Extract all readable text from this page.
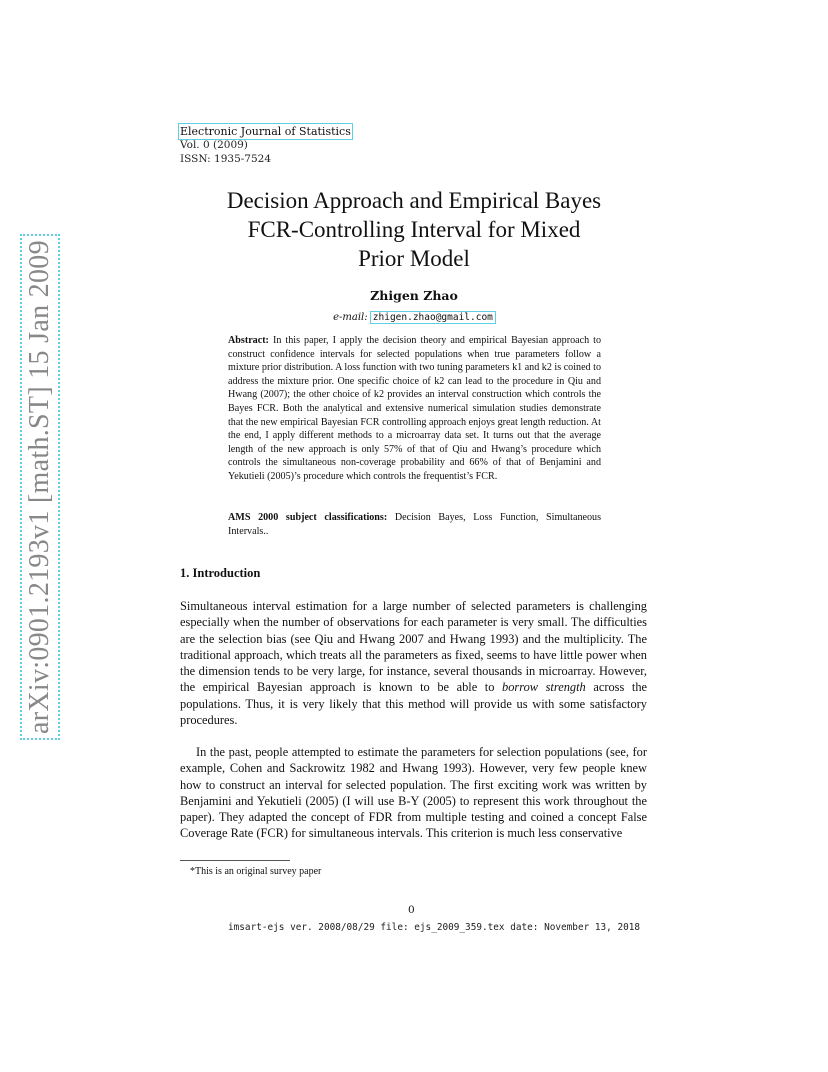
arXiv:0901.2193v1 [math.ST] 15 Jan 2009
Electronic Journal of Statistics
Vol. 0 (2009)
ISSN: 1935-7524
Decision Approach and Empirical Bayes
FCR-Controlling Interval for Mixed
Prior Model
Zhigen Zhao
e-mail: zhigen.zhao@gmail.com
Abstract: In this paper, I apply the decision theory and empirical Bayesian approach to construct confidence intervals for selected populations when true parameters follow a mixture prior distribution. A loss function with two tuning parameters k1 and k2 is coined to address the mixture prior. One specific choice of k2 can lead to the procedure in Qiu and Hwang (2007); the other choice of k2 provides an interval construction which controls the Bayes FCR. Both the analytical and extensive numerical simulation studies demonstrate that the new empirical Bayesian FCR controlling approach enjoys great length reduction. At the end, I apply different methods to a microarray data set. It turns out that the average length of the new approach is only 57% of that of Qiu and Hwang’s procedure which controls the simultaneous non-coverage probability and 66% of that of Benjamini and Yekutieli (2005)’s procedure which controls the frequentist’s FCR.
AMS 2000 subject classifications: Decision Bayes, Loss Function, Simultaneous Intervals..
1. Introduction
Simultaneous interval estimation for a large number of selected parameters is challenging especially when the number of observations for each parameter is very small. The difficulties are the selection bias (see Qiu and Hwang 2007 and Hwang 1993) and the multiplicity. The traditional approach, which treats all the parameters as fixed, seems to have little power when the dimension tends to be very large, for instance, several thousands in microarray. However, the empirical Bayesian approach is known to be able to borrow strength across the populations. Thus, it is very likely that this method will provide us with some satisfactory procedures.
In the past, people attempted to estimate the parameters for selection populations (see, for example, Cohen and Sackrowitz 1982 and Hwang 1993). However, very few people knew how to construct an interval for selected population. The first exciting work was written by Benjamini and Yekutieli (2005) (I will use B-Y (2005) to represent this work throughout the paper). They adapted the concept of FDR from multiple testing and coined a concept False Coverage Rate (FCR) for simultaneous intervals. This criterion is much less conservative
*This is an original survey paper
0
imsart-ejs ver. 2008/08/29 file: ejs_2009_359.tex date: November 13, 2018
